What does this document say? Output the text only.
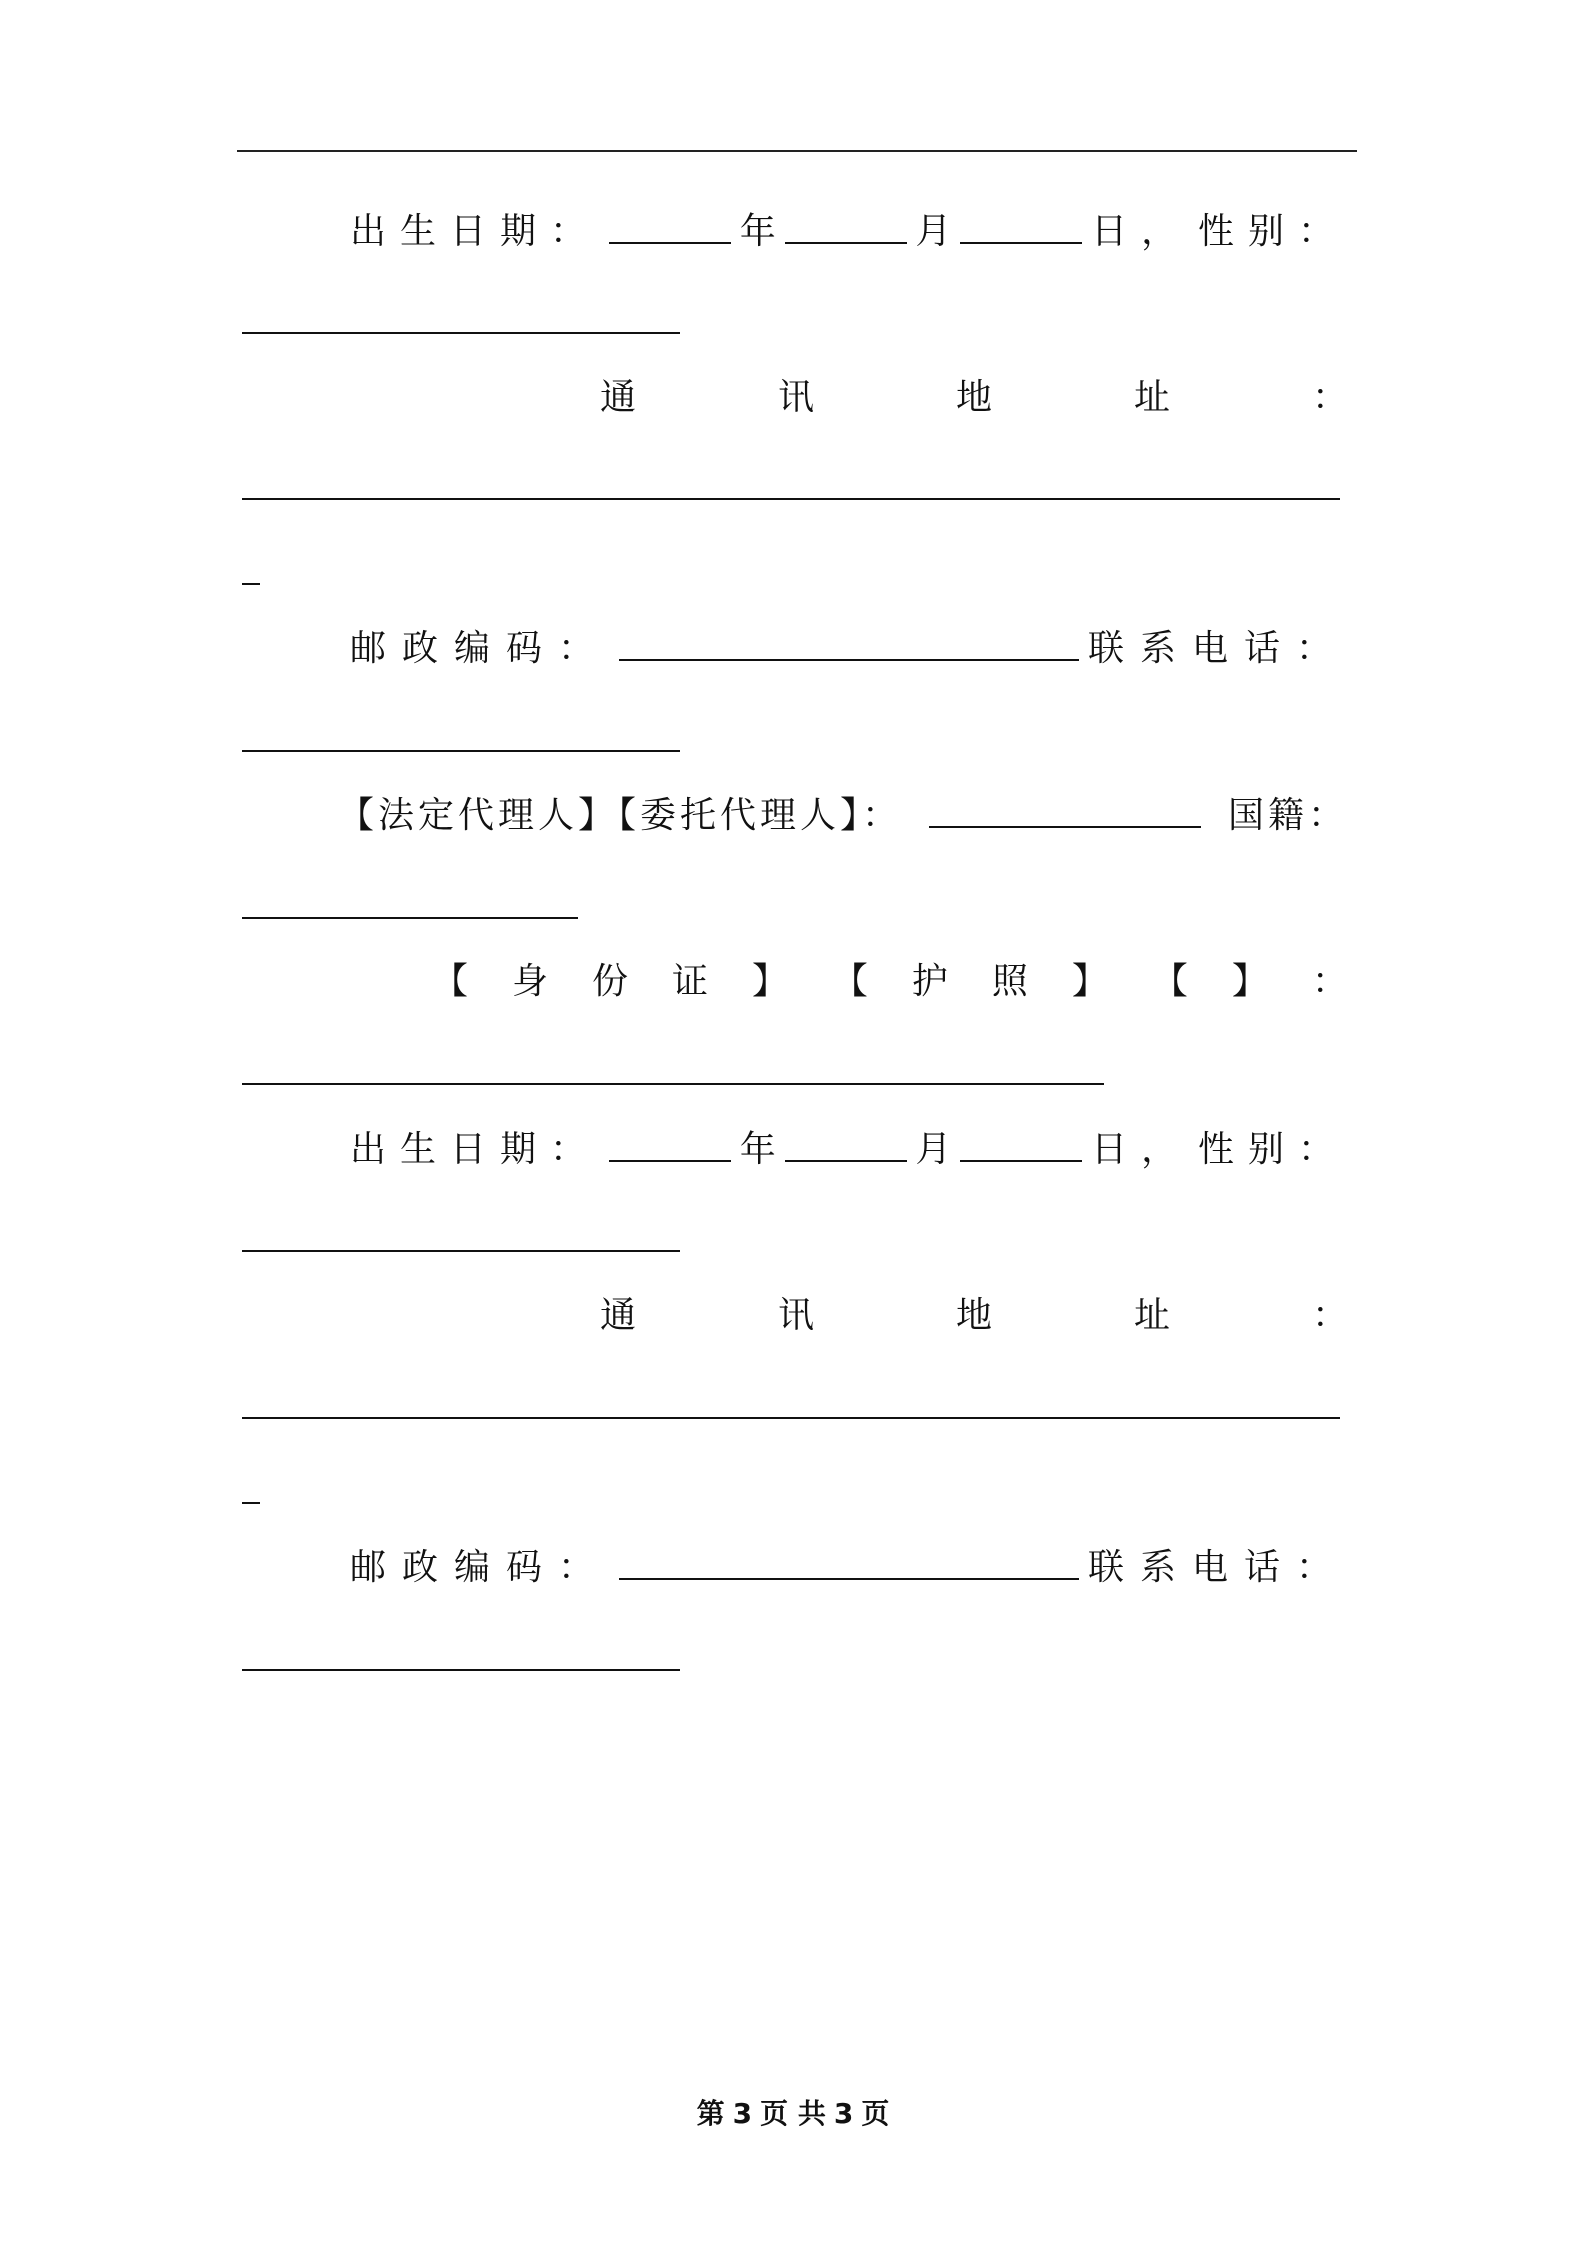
出生日期：	年	月	日， 性别：
通	讯	地	址	：
邮政编码：	联系电话：
【法定代理人】【委托代理人】：	国籍：
【 身 份 证 】 【 护 照 】 【 】 ：
出生日期：	年	月	日， 性别：
通	讯	地	址	：
邮政编码：	联系电话：
第 3 页 共 3 页
